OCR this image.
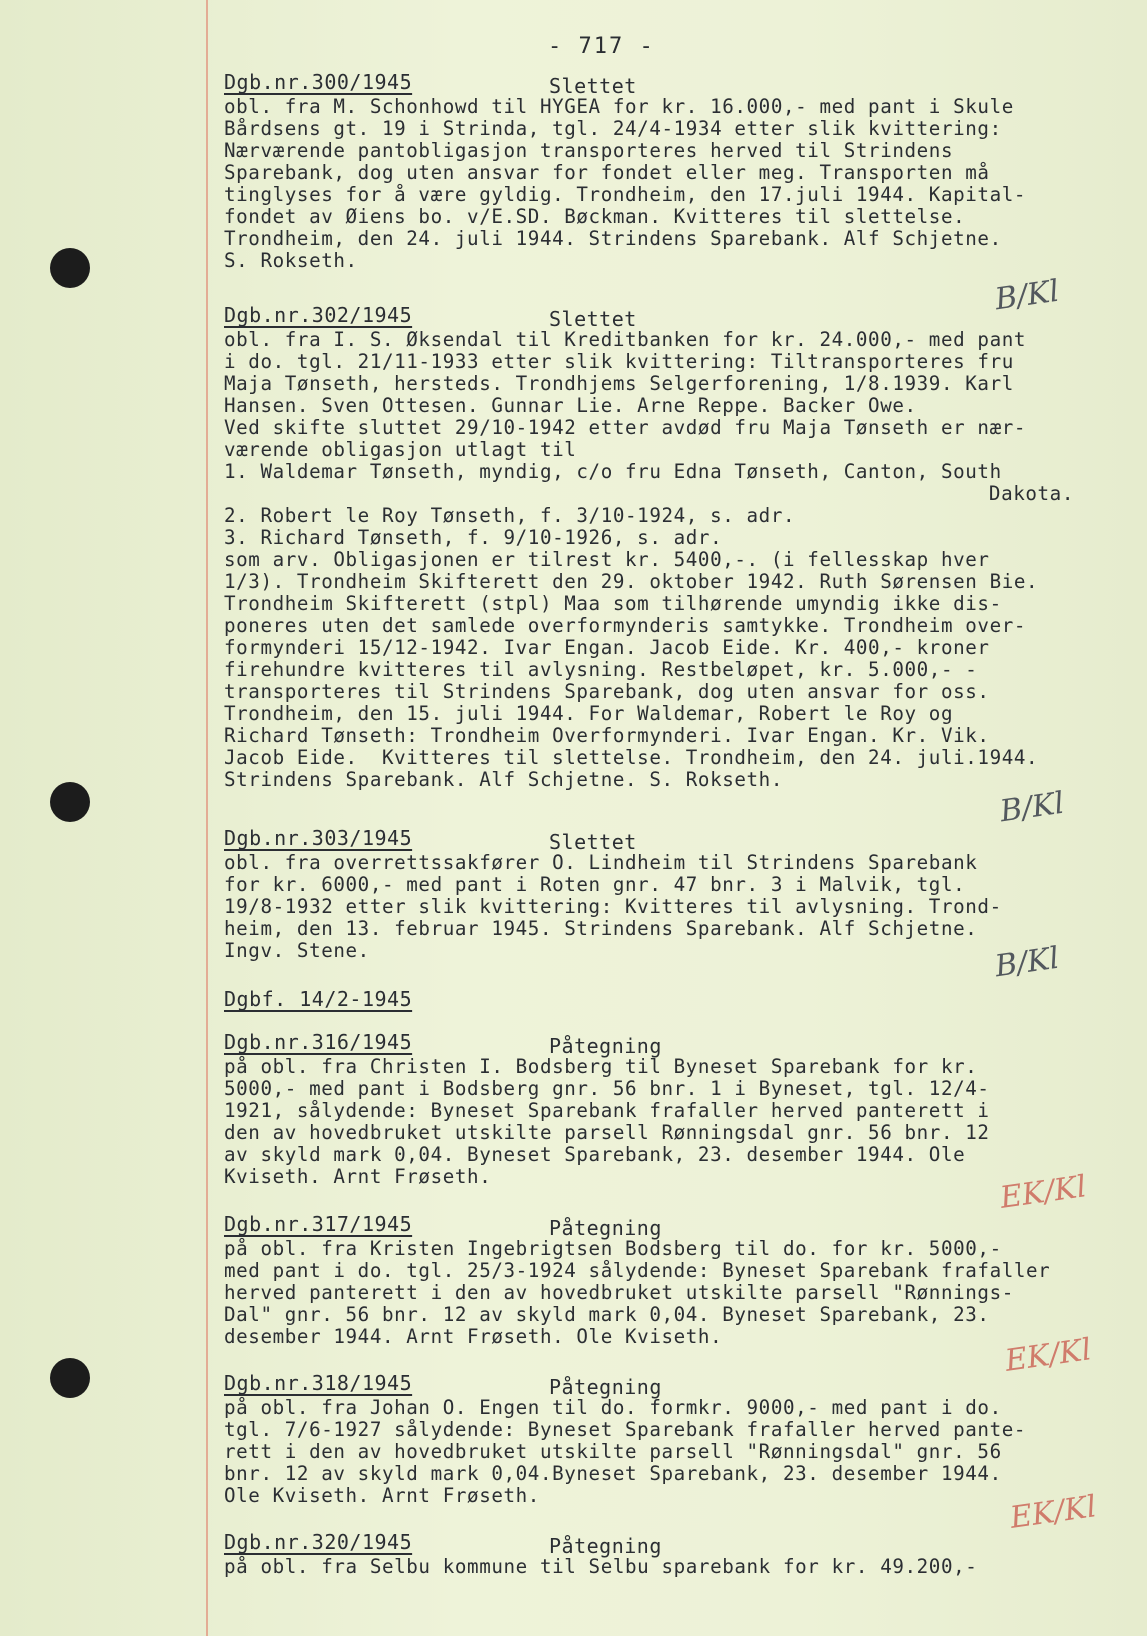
- 717 -
Dgb.nr.300/1945	Slettet
obl. fra M. Schonhowd til HYGEA for kr. 16.000,- med pant i Skule
Bårdsens gt. 19 i Strinda, tgl. 24/4-1934 etter slik kvittering:
Nærværende pantobligasjon transporteres herved til Strindens
Sparebank, dog uten ansvar for fondet eller meg. Transporten må
tinglyses for å være gyldig. Trondheim, den 17.juli 1944. Kapital-
fondet av Øiens bo. v/E.SD. Bøckman. Kvitteres til slettelse.
Trondheim, den 24. juli 1944. Strindens Sparebank. Alf Schjetne.
S. Rokseth.
B/Kl
Dgb.nr.302/1945	Slettet
obl. fra I. S. Øksendal til Kreditbanken for kr. 24.000,- med pant
i do. tgl. 21/11-1933 etter slik kvittering: Tiltransporteres fru
Maja Tønseth, hersteds. Trondhjems Selgerforening, 1/8.1939. Karl
Hansen. Sven Ottesen. Gunnar Lie. Arne Reppe. Backer Owe.
Ved skifte sluttet 29/10-1942 etter avdød fru Maja Tønseth er nær-
værende obligasjon utlagt til
1. Waldemar Tønseth, myndig, c/o fru Edna Tønseth, Canton, South
Dakota.
2. Robert le Roy Tønseth, f. 3/10-1924, s. adr.
3. Richard Tønseth, f. 9/10-1926, s. adr.
som arv. Obligasjonen er tilrest kr. 5400,-. (i fellesskap hver
1/3). Trondheim Skifterett den 29. oktober 1942. Ruth Sørensen Bie.
Trondheim Skifterett (stpl) Maa som tilhørende umyndig ikke dis-
poneres uten det samlede overformynderis samtykke. Trondheim over-
formynderi 15/12-1942. Ivar Engan. Jacob Eide. Kr. 400,- kroner
firehundre kvitteres til avlysning. Restbeløpet, kr. 5.000,- -
transporteres til Strindens Sparebank, dog uten ansvar for oss.
Trondheim, den 15. juli 1944. For Waldemar, Robert le Roy og
Richard Tønseth: Trondheim Overformynderi. Ivar Engan. Kr. Vik.
Jacob Eide.  Kvitteres til slettelse. Trondheim, den 24. juli.1944.
Strindens Sparebank. Alf Schjetne. S. Rokseth.
B/Kl
Dgb.nr.303/1945	Slettet
obl. fra overrettssakfører O. Lindheim til Strindens Sparebank
for kr. 6000,- med pant i Roten gnr. 47 bnr. 3 i Malvik, tgl.
19/8-1932 etter slik kvittering: Kvitteres til avlysning. Trond-
heim, den 13. februar 1945. Strindens Sparebank. Alf Schjetne.
Ingv. Stene.	B/Kl
Dgbf. 14/2-1945
Dgb.nr.316/1945	Påtegning
på obl. fra Christen I. Bodsberg til Byneset Sparebank for kr.
5000,- med pant i Bodsberg gnr. 56 bnr. 1 i Byneset, tgl. 12/4-
1921, sålydende: Byneset Sparebank frafaller herved panterett i
den av hovedbruket utskilte parsell Rønningsdal gnr. 56 bnr. 12
av skyld mark 0,04. Byneset Sparebank, 23. desember 1944. Ole
Kviseth. Arnt Frøseth.	EK/Kl
Dgb.nr.317/1945	Påtegning
på obl. fra Kristen Ingebrigtsen Bodsberg til do. for kr. 5000,-
med pant i do. tgl. 25/3-1924 sålydende: Byneset Sparebank frafaller
herved panterett i den av hovedbruket utskilte parsell "Rønnings-
Dal" gnr. 56 bnr. 12 av skyld mark 0,04. Byneset Sparebank, 23.
desember 1944. Arnt Frøseth. Ole Kviseth.	EK/Kl
Dgb.nr.318/1945	Påtegning
på obl. fra Johan O. Engen til do. formkr. 9000,- med pant i do.
tgl. 7/6-1927 sålydende: Byneset Sparebank frafaller herved pante-
rett i den av hovedbruket utskilte parsell "Rønningsdal" gnr. 56
bnr. 12 av skyld mark 0,04.Byneset Sparebank, 23. desember 1944.
Ole Kviseth. Arnt Frøseth.	EK/Kl
Dgb.nr.320/1945	Påtegning
på obl. fra Selbu kommune til Selbu sparebank for kr. 49.200,-
